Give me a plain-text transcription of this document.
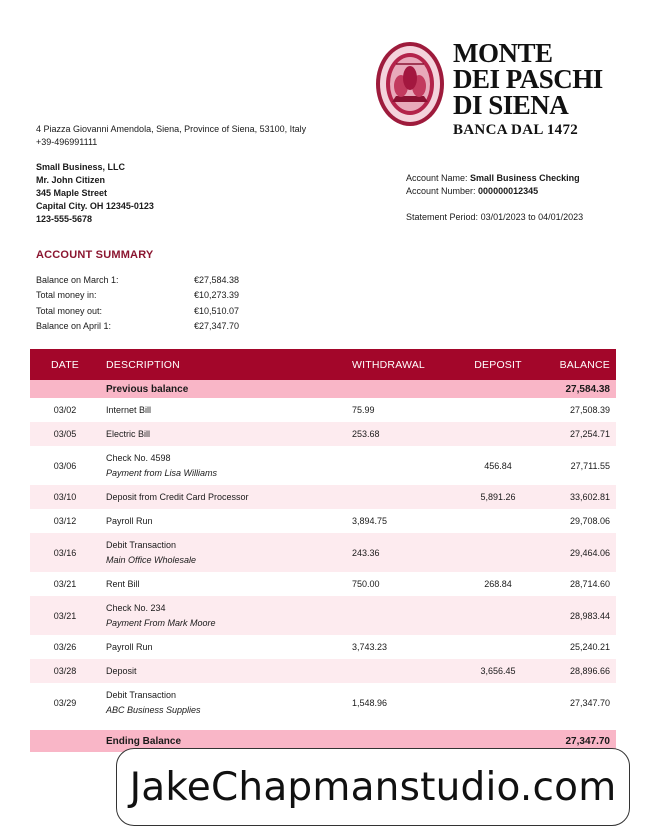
MONTE
DEI PASCHI
DI SIENA
BANCA DAL 1472
4 Piazza Giovanni Amendola, Siena, Province of Siena, 53100, Italy
+39-496991111
Small Business, LLC
Mr. John Citizen
345 Maple Street
Capital City. OH 12345-0123
123-555-5678
Account Name: Small Business Checking
Account Number: 000000012345
Statement Period: 03/01/2023 to 04/01/2023
ACCOUNT SUMMARY
Balance on March 1:	€27,584.38
Total money in:	€10,273.39
Total money out:	€10,510.07
Balance on April 1:	€27,347.70
DATE	DESCRIPTION	WITHDRAWAL	DEPOSIT	BALANCE
	Previous balance			27,584.38
03/02	Internet Bill	75.99		27,508.39
03/05	Electric Bill	253.68		27,254.71
03/06	Check No. 4598
Payment from Lisa Williams		456.84	27,711.55
03/10	Deposit from Credit Card Processor		5,891.26	33,602.81
03/12	Payroll Run	3,894.75		29,708.06
03/16	Debit Transaction
Main Office Wholesale	243.36		29,464.06
03/21	Rent Bill	750.00	268.84	28,714.60
03/21	Check No. 234
Payment From Mark Moore			28,983.44
03/26	Payroll Run	3,743.23		25,240.21
03/28	Deposit		3,656.45	28,896.66
03/29	Debit Transaction
ABC Business Supplies	1,548.96		27,347.70

	Ending Balance			27,347.70
JakeChapmanstudio.com
